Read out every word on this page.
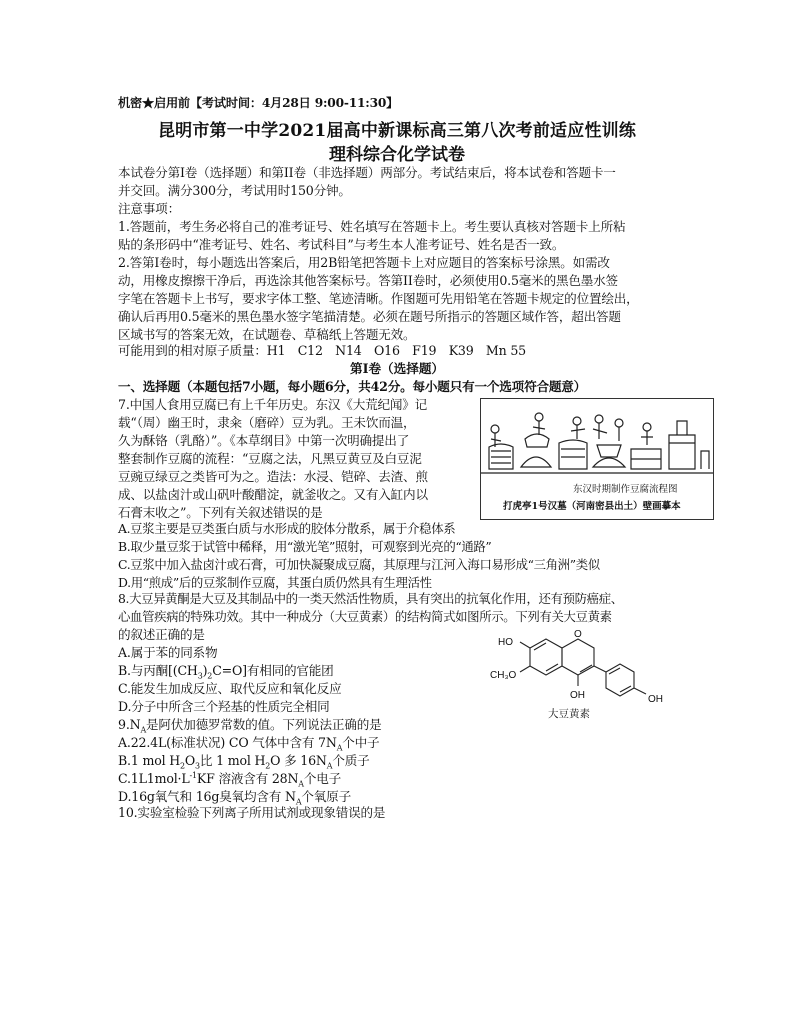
机密★启用前【考试时间：4月28日 9:00-11:30】
昆明市第一中学2021届高中新课标高三第八次考前适应性训练
理科综合化学试卷
本试卷分第I卷（选择题）和第II卷（非选择题）两部分。考试结束后，将本试卷和答题卡一
并交回。满分300分，考试用时150分钟。
注意事项：
1.答题前，考生务必将自己的准考证号、姓名填写在答题卡上。考生要认真核对答题卡上所粘
贴的条形码中“准考证号、姓名、考试科目”与考生本人准考证号、姓名是否一致。
2.答第I卷时，每小题选出答案后，用2B铅笔把答题卡上对应题目的答案标号涂黑。如需改
动，用橡皮擦擦干净后，再选涂其他答案标号。答第II卷时，必须使用0.5毫米的黑色墨水签
字笔在答题卡上书写，要求字体工整、笔迹清晰。作图题可先用铅笔在答题卡规定的位置绘出，
确认后再用0.5毫米的黑色墨水签字笔描清楚。必须在题号所指示的答题区域作答，超出答题
区域书写的答案无效，在试题卷、草稿纸上答题无效。
可能用到的相对原子质量：H1　C12　N14　O16　F19　K39　Mn 55
第I卷（选择题）
一、选择题（本题包括7小题，每小题6分，共42分。每小题只有一个选项符合题意）
7.中国人食用豆腐已有上千年历史。东汉《大荒纪闻》记
载“（周）幽王时，隶籴（磨碎）豆为乳。王未饮而温，
久为酥铬（乳酪）”。《本草纲目》中第一次明确提出了
整套制作豆腐的流程：“豆腐之法，凡黑豆黄豆及白豆泥
豆豌豆绿豆之类皆可为之。造法：水浸、铠碎、去渣、煎
成、以盐卤汁或山矾叶酸醋淀，就釜收之。又有入缸内以
石膏末收之”。下列有关叙述错误的是
东汉时期制作豆腐流程图
打虎亭1号汉墓（河南密县出土）壁画摹本
A.豆浆主要是豆类蛋白质与水形成的胶体分散系，属于介稳体系
B.取少量豆浆于试管中稀释，用“激光笔”照射，可观察到光亮的“通路”
C.豆浆中加入盐卤汁或石膏，可加快凝聚成豆腐，其原理与江河入海口易形成“三角洲”类似
D.用“煎成”后的豆浆制作豆腐，其蛋白质仍然具有生理活性
8.大豆异黄酮是大豆及其制品中的一类天然活性物质，具有突出的抗氧化作用，还有预防癌症、
心血管疾病的特殊功效。其中一种成分（大豆黄素）的结构简式如图所示。下列有关大豆黄素
的叙述正确的是
A.属于苯的同系物
B.与丙酮$[(CH_3)_2C=O]$有相同的官能团
C.能发生加成反应、取代反应和氧化反应
D.分子中所含三个羟基的性质完全相同
HO
O
CH₃O
OH	OH
大豆黄素
$9.N_A$是阿伏加德罗常数的值。下列说法正确的是
A.22.4L(标准状况) CO 气体中含有 $7N_A$个中子
B.1 mol $H_2O_3$比 1 mol $H_2O$ 多 $16N_A$个质子
$C.1L1mol\cdot L^{-1}KF$ 溶液含有 $28N_A$个电子
D.16g氧气和 16g臭氧均含有 $N_A$个氧原子
10.实验室检验下列离子所用试剂或现象错误的是
